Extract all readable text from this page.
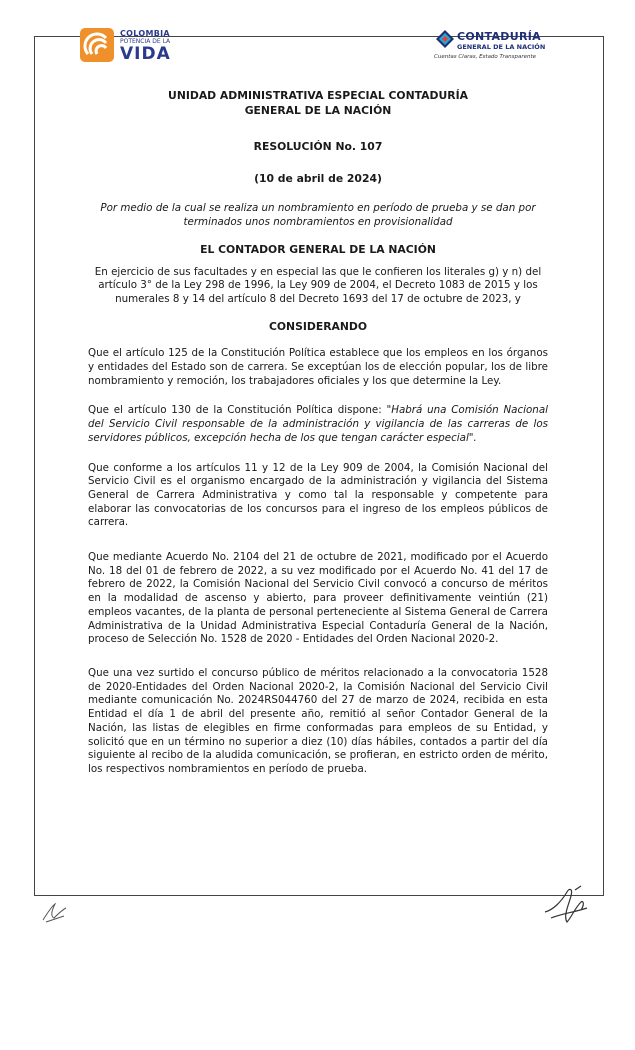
COLOMBIA
POTENCIA DE LA
VIDA
CONTADURÍA
GENERAL DE LA NACIÓN
Cuentas Claras, Estado Transparente

UNIDAD ADMINISTRATIVA ESPECIAL CONTADURÍA

GENERAL DE LA NACIÓN

RESOLUCIÓN No. 107

(10 de abril de 2024)

Por medio de la cual se realiza un nombramiento en período de prueba y se dan por terminados unos nombramientos en provisionalidad

EL CONTADOR GENERAL DE LA NACIÓN

En ejercicio de sus facultades y en especial las que le confieren los literales g) y n) del artículo 3° de la Ley 298 de 1996, la Ley 909 de 2004, el Decreto 1083 de 2015 y los numerales 8 y 14 del artículo 8 del Decreto 1693 del 17 de octubre de 2023, y

CONSIDERANDO

Que el artículo 125 de la Constitución Política establece que los empleos en los órganos y entidades del Estado son de carrera. Se exceptúan los de elección popular, los de libre nombramiento y remoción, los trabajadores oficiales y los que determine la Ley.

Que el artículo 130 de la Constitución Política dispone: "Habrá una Comisión Nacional del Servicio Civil responsable de la administración y vigilancia de las carreras de los servidores públicos, excepción hecha de los que tengan carácter especial".

Que conforme a los artículos 11 y 12 de la Ley 909 de 2004, la Comisión Nacional del Servicio Civil es el organismo encargado de la administración y vigilancia del Sistema General de Carrera Administrativa y como tal la responsable y competente para elaborar las convocatorias de los concursos para el ingreso de los empleos públicos de carrera.

Que mediante Acuerdo No. 2104 del 21 de octubre de 2021, modificado por el Acuerdo No. 18 del 01 de febrero de 2022, a su vez modificado por el Acuerdo No. 41 del 17 de febrero de 2022, la Comisión Nacional del Servicio Civil convocó a concurso de méritos en la modalidad de ascenso y abierto, para proveer definitivamente veintiún (21) empleos vacantes, de la planta de personal perteneciente al Sistema General de Carrera Administrativa de la Unidad Administrativa Especial Contaduría General de la Nación, proceso de Selección No. 1528 de 2020 - Entidades del Orden Nacional 2020-2.

Que una vez surtido el concurso público de méritos relacionado a la convocatoria 1528 de 2020-Entidades del Orden Nacional 2020-2, la Comisión Nacional del Servicio Civil mediante comunicación No. 2024RS044760 del 27 de marzo de 2024, recibida en esta Entidad el día 1 de abril del presente año, remitió al señor Contador General de la Nación, las listas de elegibles en firme conformadas para empleos de su Entidad, y solicitó que en un término no superior a diez (10) días hábiles, contados a partir del día siguiente al recibo de la aludida comunicación, se profieran, en estricto orden de mérito, los respectivos nombramientos en período de prueba.
